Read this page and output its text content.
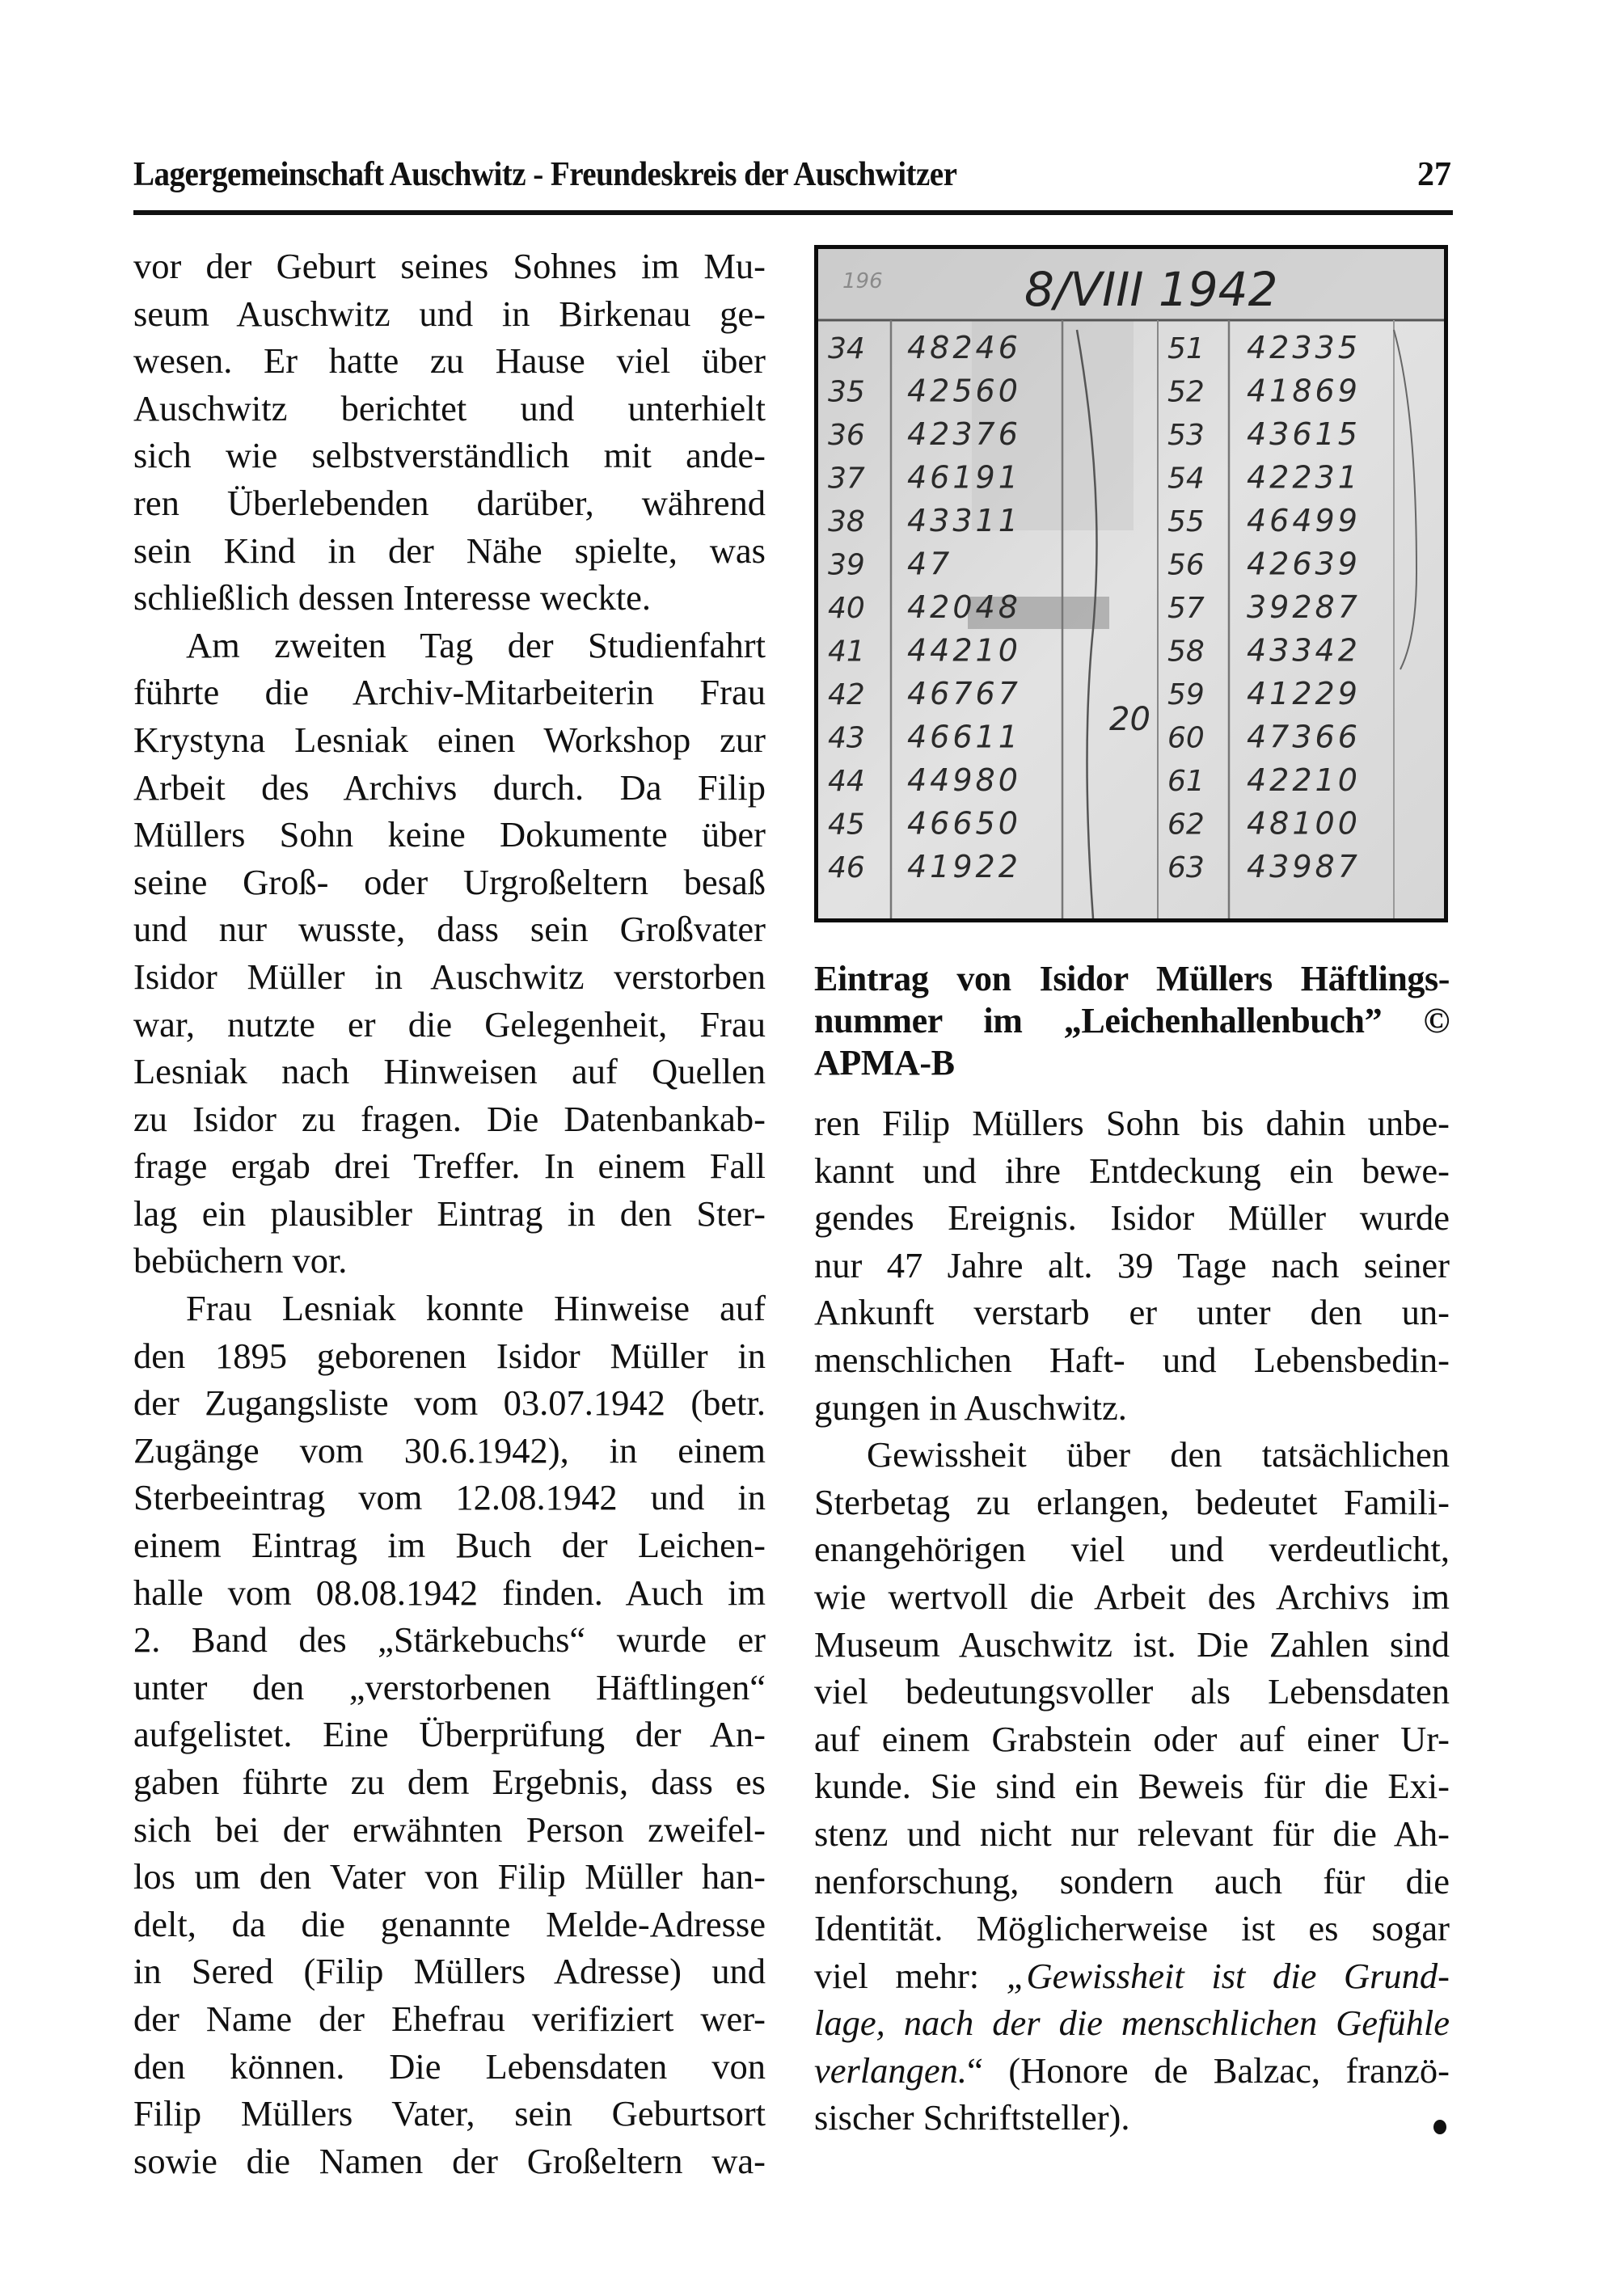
Lagergemeinschaft Auschwitz - Freundeskreis der Auschwitzer	27
vor der Geburt seines Sohnes im Mu-
seum Auschwitz und in Birkenau ge-
wesen. Er hatte zu Hause viel über
Auschwitz berichtet und unterhielt
sich wie selbstverständlich mit ande-
ren Überlebenden darüber, während
sein Kind in der Nähe spielte, was
schließlich dessen Interesse weckte.
Am zweiten Tag der Studienfahrt
führte die Archiv-Mitarbeiterin Frau
Krystyna Lesniak einen Workshop zur
Arbeit des Archivs durch. Da Filip
Müllers Sohn keine Dokumente über
seine Groß- oder Urgroßeltern besaß
und nur wusste, dass sein Großvater
Isidor Müller in Auschwitz verstorben
war, nutzte er die Gelegenheit, Frau
Lesniak nach Hinweisen auf Quellen
zu Isidor zu fragen. Die Datenbankab-
frage ergab drei Treffer. In einem Fall
lag ein plausibler Eintrag in den Ster-
bebüchern vor.
Frau Lesniak konnte Hinweise auf
den 1895 geborenen Isidor Müller in
der Zugangsliste vom 03.07.1942 (betr.
Zugänge vom 30.6.1942), in einem
Sterbeeintrag vom 12.08.1942 und in
einem Eintrag im Buch der Leichen-
halle vom 08.08.1942 finden. Auch im
2. Band des „Stärkebuchs“ wurde er
unter den „verstorbenen Häftlingen“
aufgelistet. Eine Überprüfung der An-
gaben führte zu dem Ergebnis, dass es
sich bei der erwähnten Person zweifel-
los um den Vater von Filip Müller han-
delt, da die genannte Melde-Adresse
in Sered (Filip Müllers Adresse) und
der Name der Ehefrau verifiziert wer-
den können. Die Lebensdaten von
Filip Müllers Vater, sein Geburtsort
sowie die Namen der Großeltern wa-
196	8/VIII 1942
34 48246
35 42560
36 42376
37 46191
38 43311
39 47
40 42048
41 44210
42 46767
43 46611
44 44980
45 46650
46 41922
51 42335
52 41869
53 43615
54 42231
55 46499
56 42639
57 39287
58 43342
59 41229
60 47366
61 42210
62 48100
63 43987
20
Eintrag von Isidor Müllers Häftlings-
nummer im „Leichenhallenbuch” ©
APMA-B
ren Filip Müllers Sohn bis dahin unbe-
kannt und ihre Entdeckung ein bewe-
gendes Ereignis. Isidor Müller wurde
nur 47 Jahre alt. 39 Tage nach seiner
Ankunft verstarb er unter den un-
menschlichen Haft- und Lebensbedin-
gungen in Auschwitz.
Gewissheit über den tatsächlichen
Sterbetag zu erlangen, bedeutet Famili-
enangehörigen viel und verdeutlicht,
wie wertvoll die Arbeit des Archivs im
Museum Auschwitz ist. Die Zahlen sind
viel bedeutungsvoller als Lebensdaten
auf einem Grabstein oder auf einer Ur-
kunde. Sie sind ein Beweis für die Exi-
stenz und nicht nur relevant für die Ah-
nenforschung, sondern auch für die
Identität. Möglicherweise ist es sogar
viel mehr: „Gewissheit ist die Grund-
lage, nach der die menschlichen Gefühle
verlangen.“ (Honore de Balzac, franzö-
sischer Schriftsteller).
